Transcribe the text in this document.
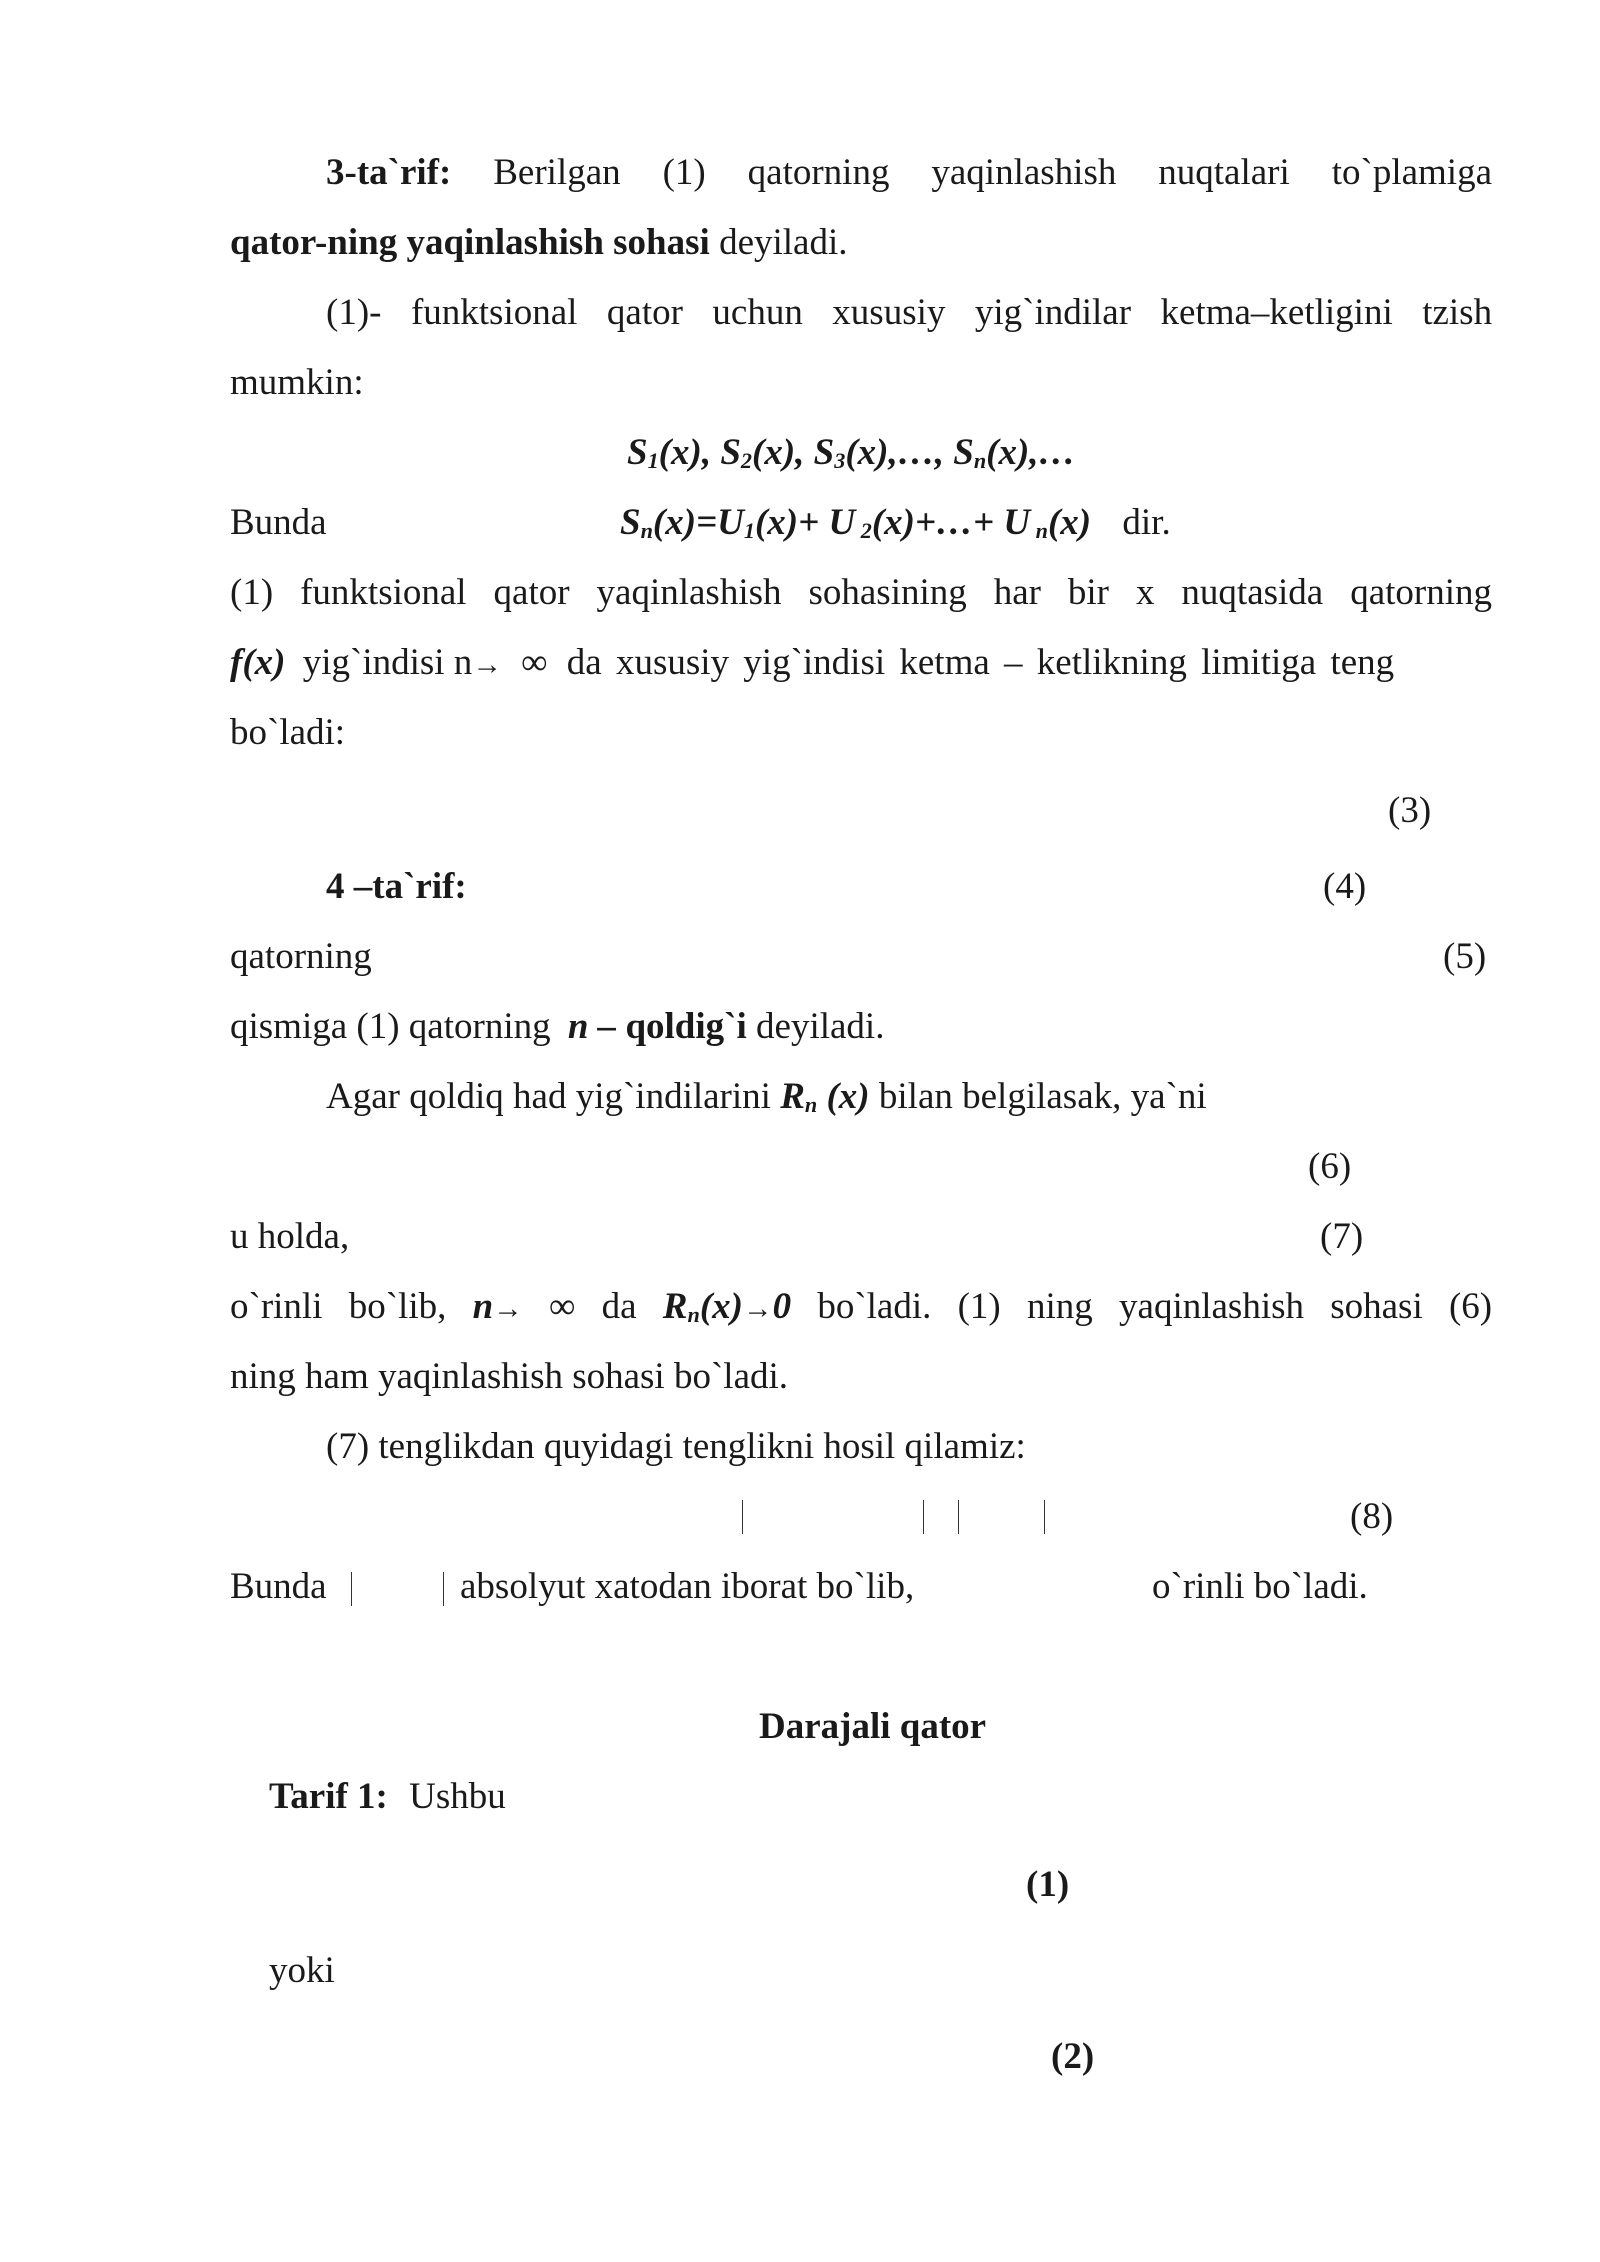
3-ta`rif: Berilgan (1) qatorning yaqinlashish nuqtalari to`plamiga
qator-ning yaqinlashish sohasi deyiladi.
(1)- funktsional qator uchun xususiy yig`indilar ketma–ketligini tzish
mumkin:
S1(x), S2(x), S3(x),…, Sn(x),…
Bunda	Sn(x)=U1(x)+ U 2(x)+…+ U n(x) dir.
(1) funktsional qator yaqinlashish sohasining har bir x nuqtasida qatorning
f(x) yig`indisi n→ ∞ da xususiy yig`indisi ketma – ketlikning limitiga teng
bo`ladi:
(3)
4 –ta`rif:	(4)
qatorning	(5)
qismiga (1) qatorning n – qoldig`i deyiladi.
Agar qoldiq had yig`indilarini Rn (x) bilan belgilasak, ya`ni
(6)
u holda,	(7)
o`rinli bo`lib, n→ ∞ da Rn(x)→0 bo`ladi. (1) ning yaqinlashish sohasi (6)
ning ham yaqinlashish sohasi bo`ladi.
(7) tenglikdan quyidagi tenglikni hosil qilamiz:
(8)
Bunda	absolyut xatodan iborat bo`lib,	o`rinli bo`ladi.
Darajali qator
Tarif 1: Ushbu
(1)
yoki
(2)
